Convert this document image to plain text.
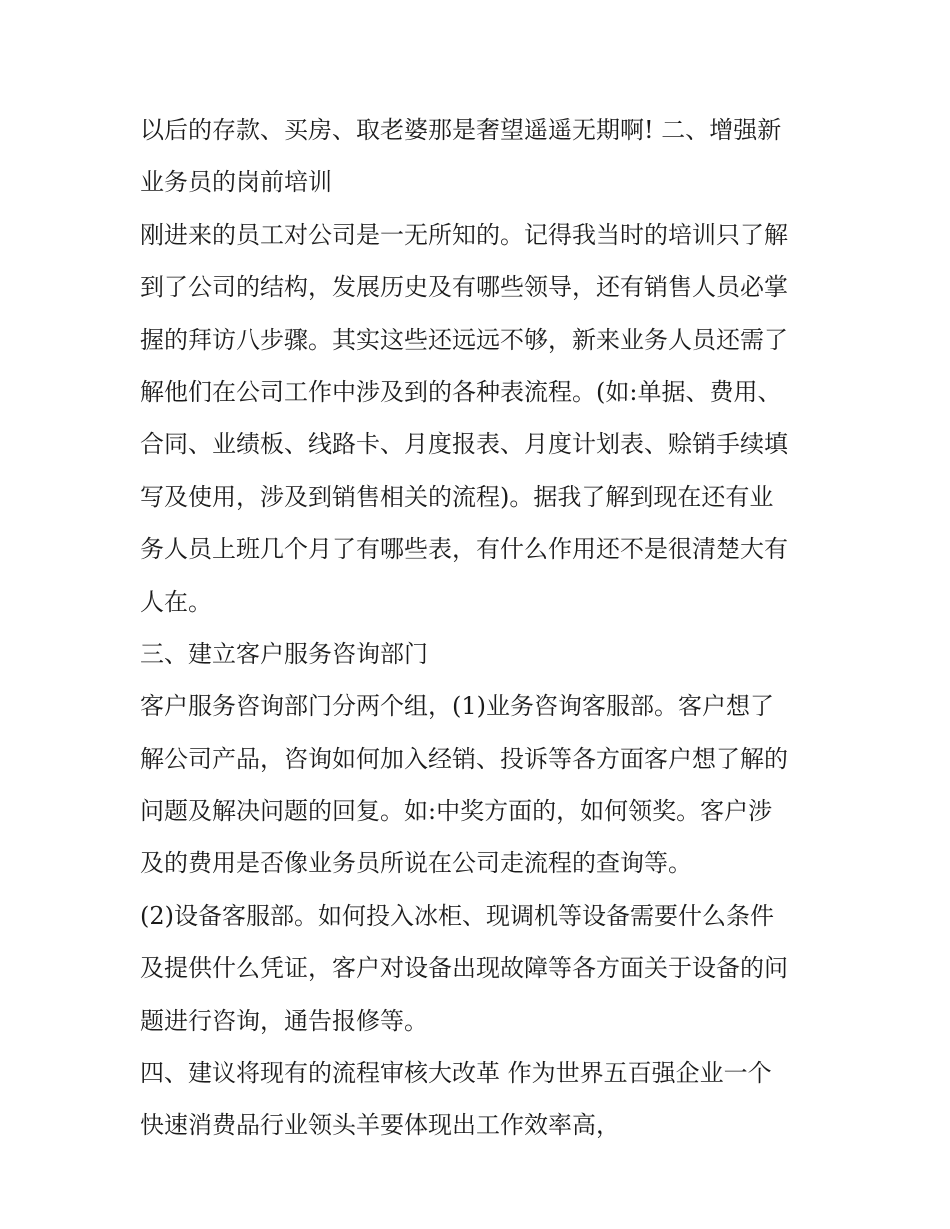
以后的存款、买房、取老婆那是奢望遥遥无期啊! 二、增强新
业务员的岗前培训
刚进来的员工对公司是一无所知的。记得我当时的培训只了解
到了公司的结构，发展历史及有哪些领导，还有销售人员必掌
握的拜访八步骤。其实这些还远远不够，新来业务人员还需了
解他们在公司工作中涉及到的各种表流程。(如:单据、费用、
合同、业绩板、线路卡、月度报表、月度计划表、赊销手续填
写及使用，涉及到销售相关的流程)。据我了解到现在还有业
务人员上班几个月了有哪些表，有什么作用还不是很清楚大有
人在。
三、建立客户服务咨询部门
客户服务咨询部门分两个组，(1)业务咨询客服部。客户想了
解公司产品，咨询如何加入经销、投诉等各方面客户想了解的
问题及解决问题的回复。如:中奖方面的，如何领奖。客户涉
及的费用是否像业务员所说在公司走流程的查询等。
(2)设备客服部。如何投入冰柜、现调机等设备需要什么条件
及提供什么凭证，客户对设备出现故障等各方面关于设备的问
题进行咨询，通告报修等。
四、建议将现有的流程审核大改革 作为世界五百强企业一个
快速消费品行业领头羊要体现出工作效率高，
